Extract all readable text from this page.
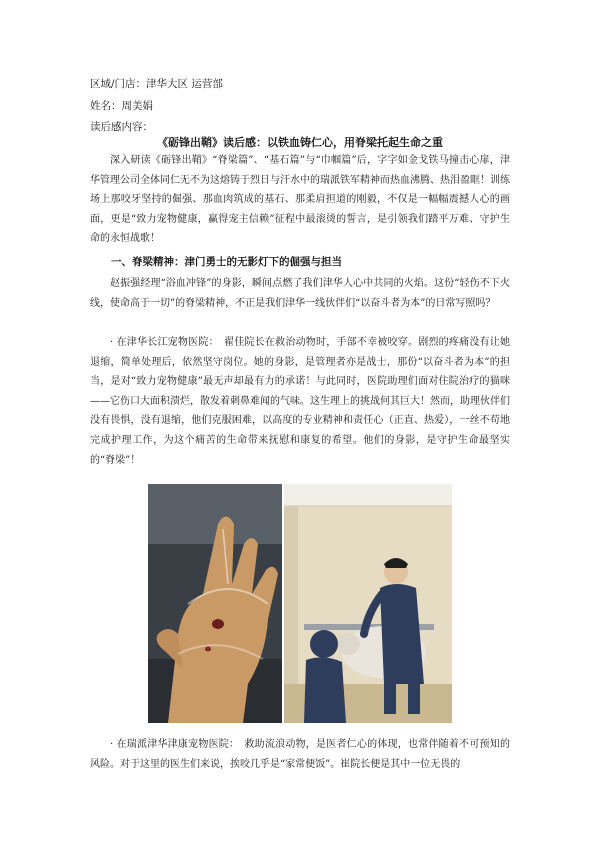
区域/门店：津华大区 运营部
姓名：周美娟
读后感内容：
《砺锋出鞘》读后感：以铁血铸仁心，用脊梁托起生命之重

深入研读《砺锋出鞘》“脊梁篇”、“基石篇”与“巾帼篇”后，字字如金戈铁马撞击心扉，津华管理公司全体同仁无不为这熔铸于烈日与汗水中的瑞派铁军精神而热血沸腾、热泪盈眶！训练场上那咬牙坚持的倔强、那血肉筑成的基石、那柔肩担道的刚毅，不仅是一幅幅震撼人心的画面，更是“致力宠物健康，赢得宠主信赖”征程中最滚烫的誓言，是引领我们踏平万难、守护生命的永恒战歌！

一、脊梁精神：津门勇士的无影灯下的倔强与担当

赵振强经理“浴血冲锋”的身影，瞬间点燃了我们津华人心中共同的火焰。这份“轻伤不下火线，使命高于一切”的脊梁精神，不正是我们津华一线伙伴们“以奋斗者为本”的日常写照吗？

· 在津华长江宠物医院：　翟佳院长在救治动物时，手部不幸被咬穿。剧烈的疼痛没有让她退缩，简单处理后，依然坚守岗位。她的身影，是管理者亦是战士，那份“以奋斗者为本”的担当，是对“致力宠物健康”最无声却最有力的承诺！与此同时，医院助理们面对住院治疗的猫咪——它伤口大面积溃烂，散发着刺鼻难闻的气味。这生理上的挑战何其巨大！然而，助理伙伴们没有畏惧，没有退缩，他们克服困难，以高度的专业精神和责任心（正直、热爱），一丝不苟地完成护理工作，为这个痛苦的生命带来抚慰和康复的希望。他们的身影，是守护生命最坚实的“脊梁”！

· 在瑞派津华津康宠物医院：　救助流浪动物，是医者仁心的体现，也常伴随着不可预知的风险。对于这里的医生们来说，挨咬几乎是“家常便饭”。崔院长便是其中一位无畏的
